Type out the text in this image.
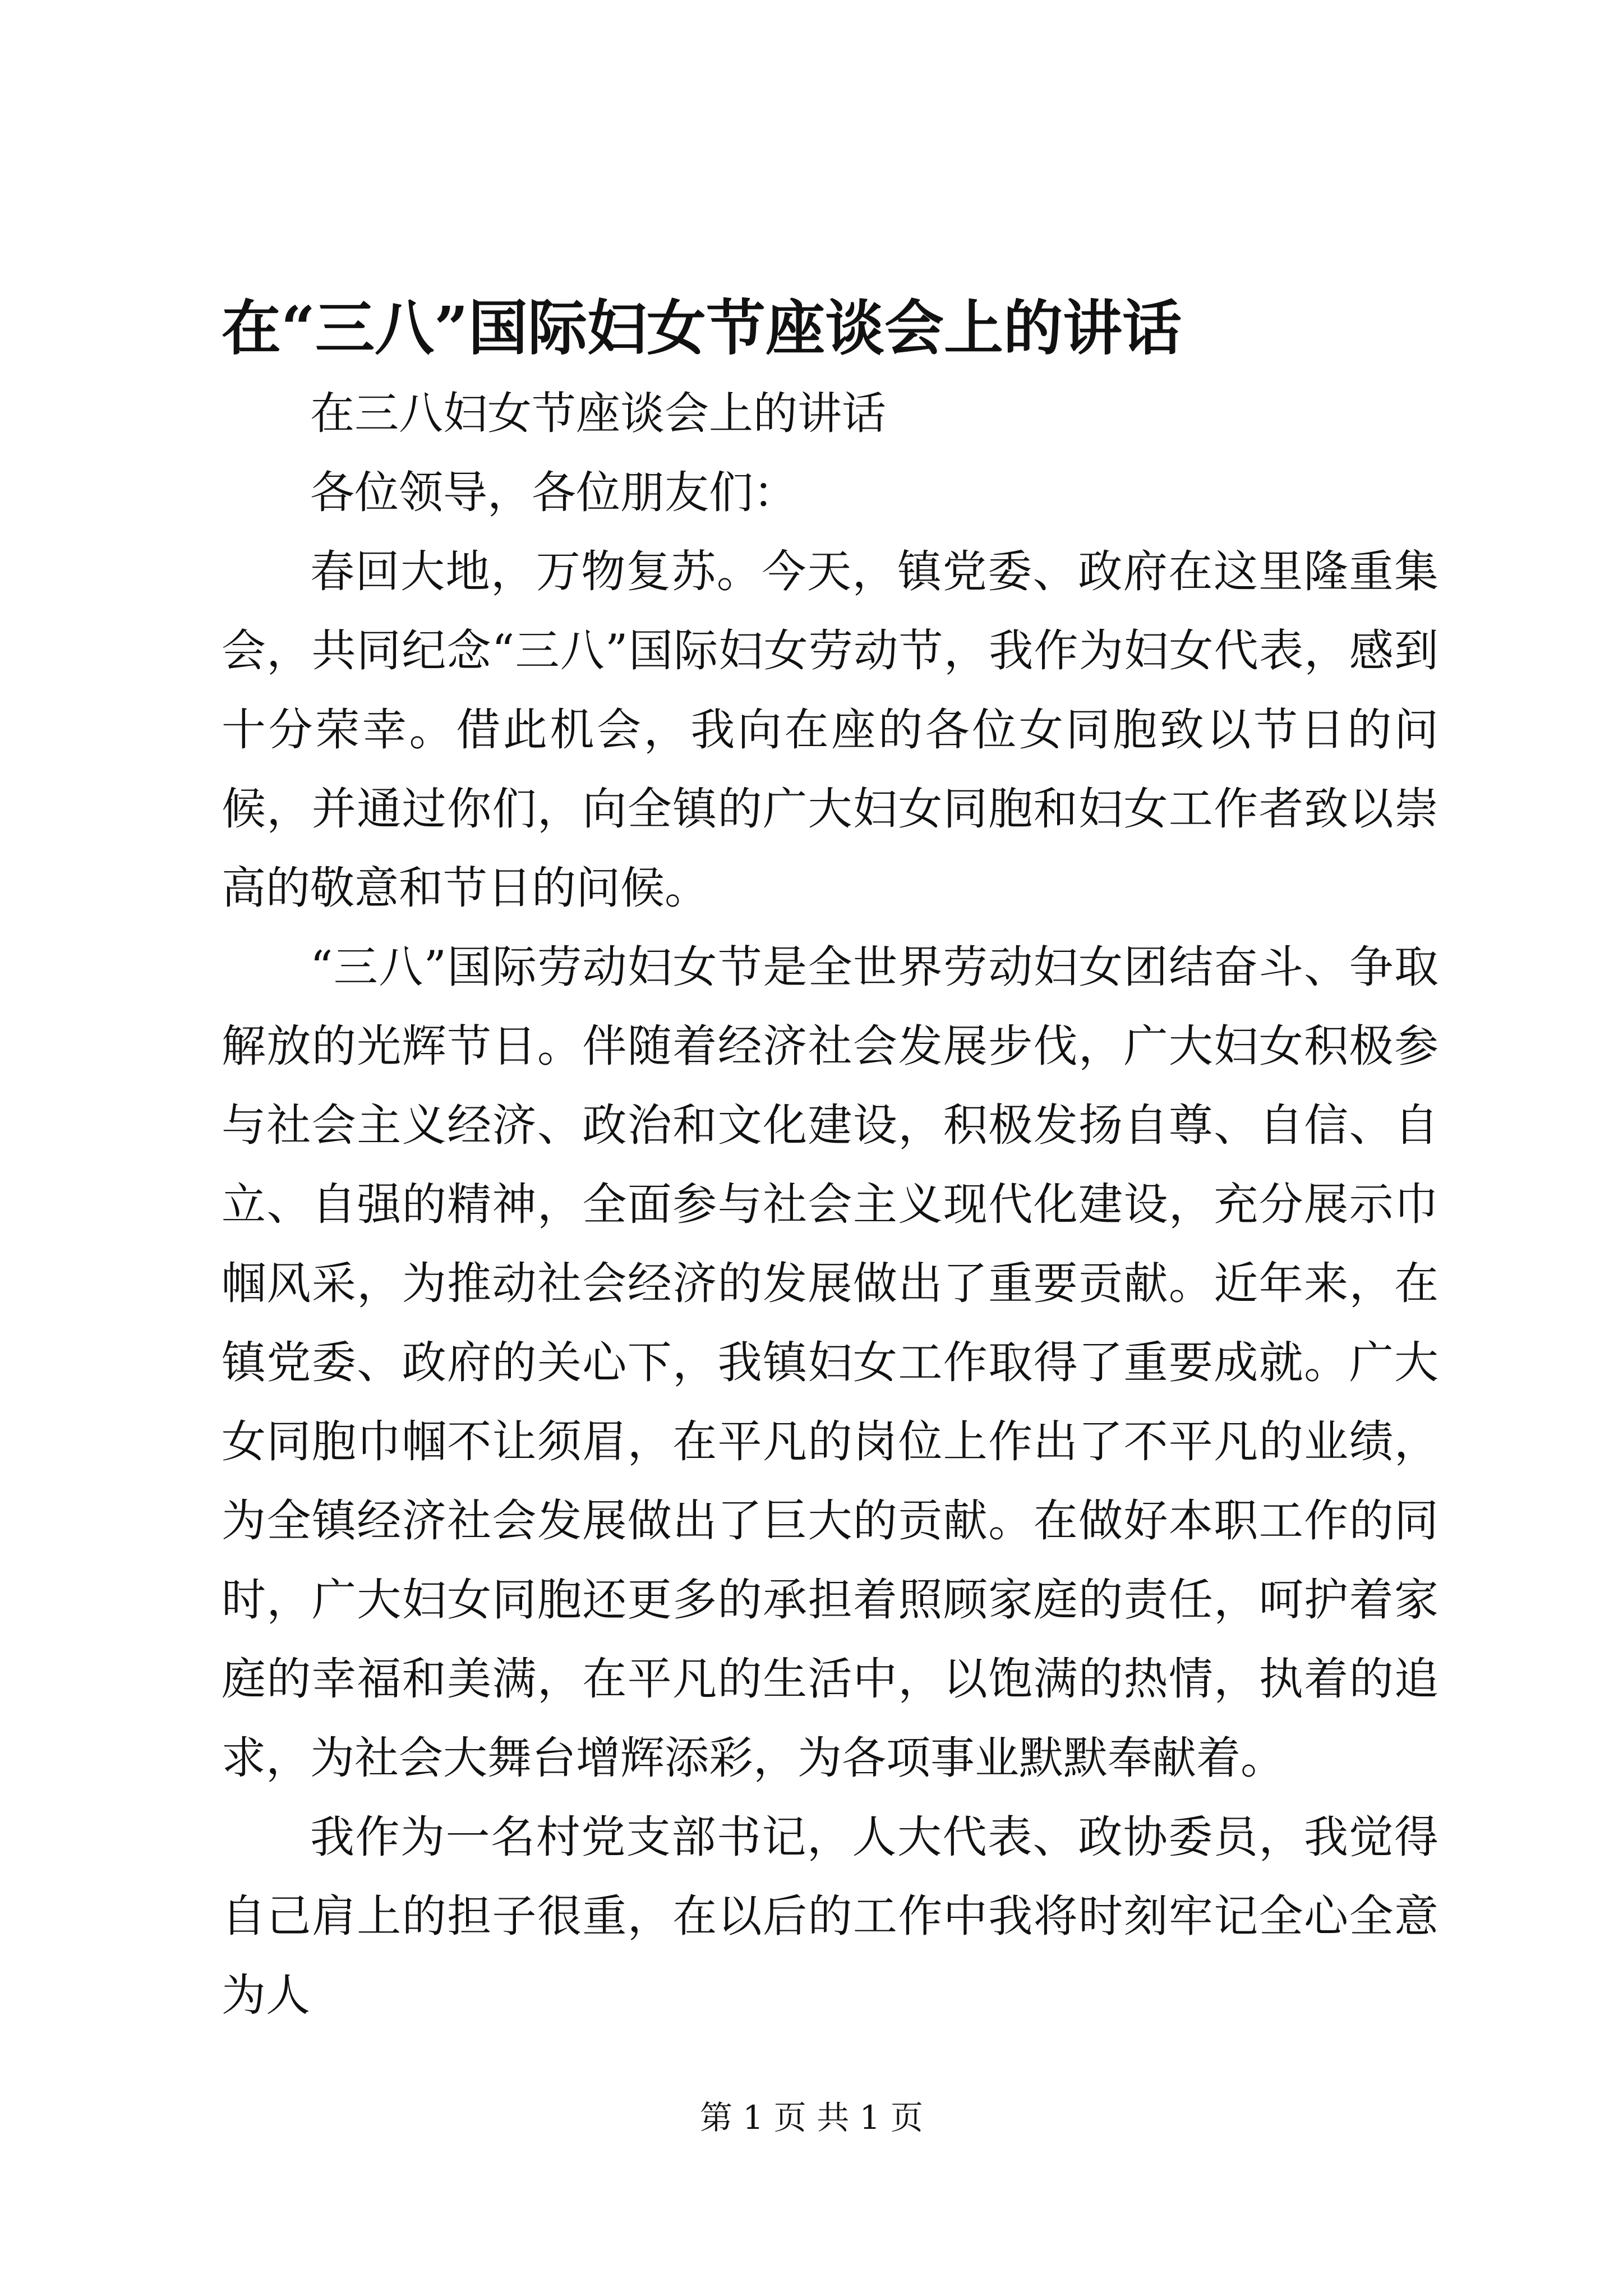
在“三八”国际妇女节座谈会上的讲话

在三八妇女节座谈会上的讲话

各位领导，各位朋友们：

春回大地，万物复苏。今天，镇党委、政府在这里隆重集会，共同纪念“三八”国际妇女劳动节，我作为妇女代表，感到十分荣幸。借此机会，我向在座的各位女同胞致以节日的问候，并通过你们，向全镇的广大妇女同胞和妇女工作者致以崇高的敬意和节日的问候。

“三八”国际劳动妇女节是全世界劳动妇女团结奋斗、争取解放的光辉节日。伴随着经济社会发展步伐，广大妇女积极参与社会主义经济、政治和文化建设，积极发扬自尊、自信、自立、自强的精神，全面参与社会主义现代化建设，充分展示巾帼风采，为推动社会经济的发展做出了重要贡献。近年来，在镇党委、政府的关心下，我镇妇女工作取得了重要成就。广大女同胞巾帼不让须眉，在平凡的岗位上作出了不平凡的业绩，为全镇经济社会发展做出了巨大的贡献。在做好本职工作的同时，广大妇女同胞还更多的承担着照顾家庭的责任，呵护着家庭的幸福和美满，在平凡的生活中，以饱满的热情，执着的追求，为社会大舞台增辉添彩，为各项事业默默奉献着。

我作为一名村党支部书记，人大代表、政协委员，我觉得自己肩上的担子很重，在以后的工作中我将时刻牢记全心全意为人

第 1 页 共 1 页
